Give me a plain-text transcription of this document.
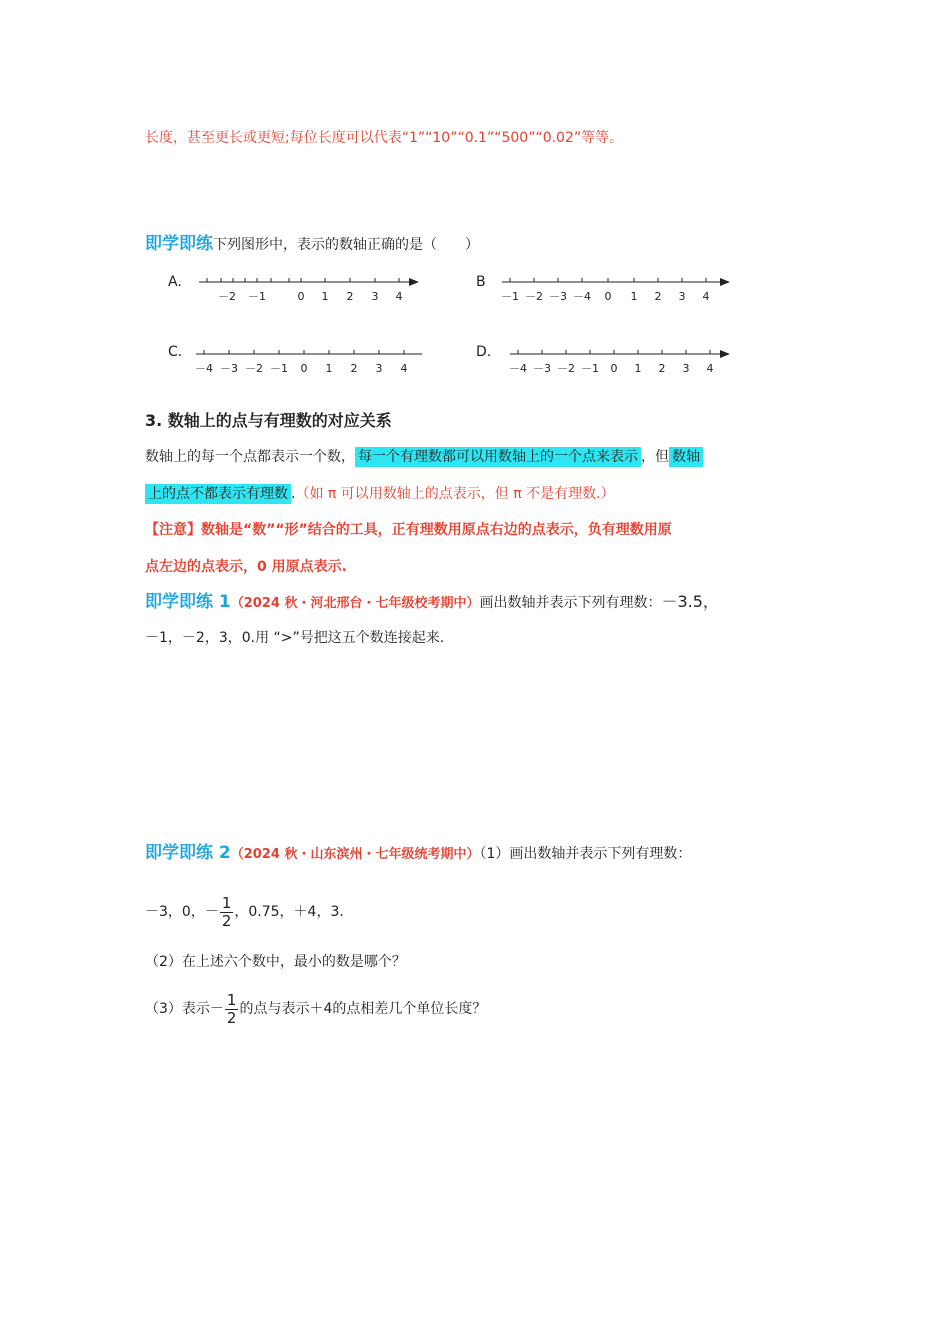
长度，甚至更长或更短;每位长度可以代表“1”“10”“0.1”“500”“0.02”等等。
即学即练下列图形中，表示的数轴正确的是（　　）
A.
－2 －1	0 1 2 3 4
B
－1 －2 －3 －4 0 1 2 3 4
C.
－4 －3 －2 －1 0 1 2 3 4
D.
－4 －3 －2 －1 0 1 2 3 4
3. 数轴上的点与有理数的对应关系
数轴上的每一个点都表示一个数， 每一个有理数都可以用数轴上的一个点来表示 ，但 数轴
上的点不都表示有理数 .（如 π 可以用数轴上的点表示，但 π 不是有理数.）
【注意】数轴是“数”“形”结合的工具，正有理数用原点右边的点表示，负有理数用原
点左边的点表示，0 用原点表示.
即学即练 1（2024 秋・河北邢台・七年级校考期中）画出数轴并表示下列有理数：－3.5，
－1，－2，3，0.用 “>”号把这五个数连接起来.
即学即练 2（2024 秋・山东滨州・七年级统考期中）（1）画出数轴并表示下列有理数：
－3，0，－ $\frac{1}{2}$ ，0.75，＋4，3.
（2）在上述六个数中，最小的数是哪个？
（3）表示－ $\frac{1}{2}$ 的点与表示＋4的点相差几个单位长度？
